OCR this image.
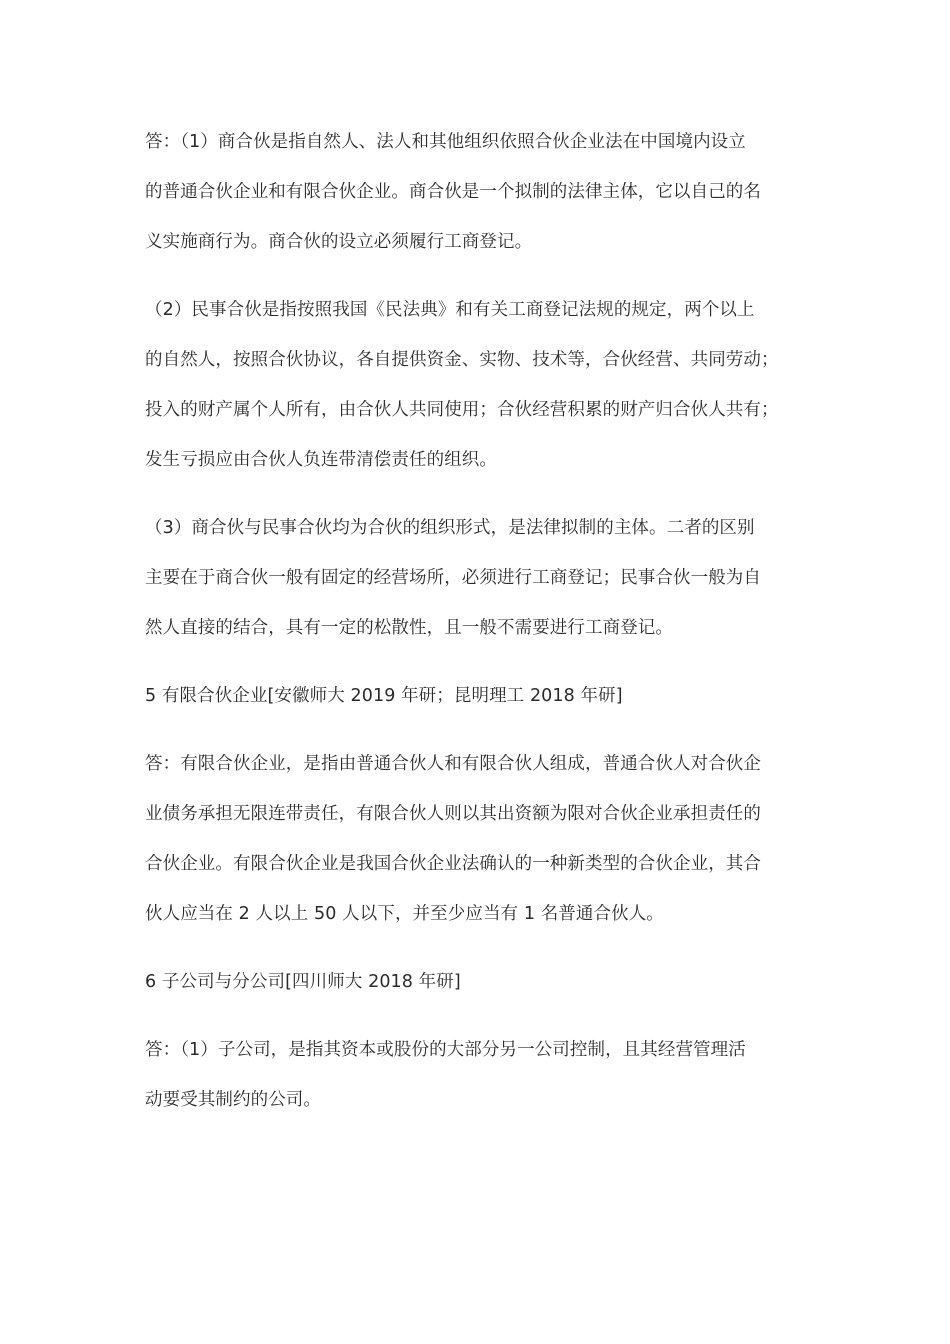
答：（1）商合伙是指自然人、法人和其他组织依照合伙企业法在中国境内设立
的普通合伙企业和有限合伙企业。商合伙是一个拟制的法律主体，它以自己的名
义实施商行为。商合伙的设立必须履行工商登记。
（2）民事合伙是指按照我国《民法典》和有关工商登记法规的规定，两个以上
的自然人，按照合伙协议，各自提供资金、实物、技术等，合伙经营、共同劳动；
投入的财产属个人所有，由合伙人共同使用；合伙经营积累的财产归合伙人共有；
发生亏损应由合伙人负连带清偿责任的组织。
（3）商合伙与民事合伙均为合伙的组织形式，是法律拟制的主体。二者的区别
主要在于商合伙一般有固定的经营场所，必须进行工商登记；民事合伙一般为自
然人直接的结合，具有一定的松散性，且一般不需要进行工商登记。
5 有限合伙企业[安徽师大 2019 年研；昆明理工 2018 年研]
答：有限合伙企业，是指由普通合伙人和有限合伙人组成，普通合伙人对合伙企
业债务承担无限连带责任，有限合伙人则以其出资额为限对合伙企业承担责任的
合伙企业。有限合伙企业是我国合伙企业法确认的一种新类型的合伙企业，其合
伙人应当在 2 人以上 50 人以下，并至少应当有 1 名普通合伙人。
6 子公司与分公司[四川师大 2018 年研]
答：（1）子公司，是指其资本或股份的大部分另一公司控制，且其经营管理活
动要受其制约的公司。
